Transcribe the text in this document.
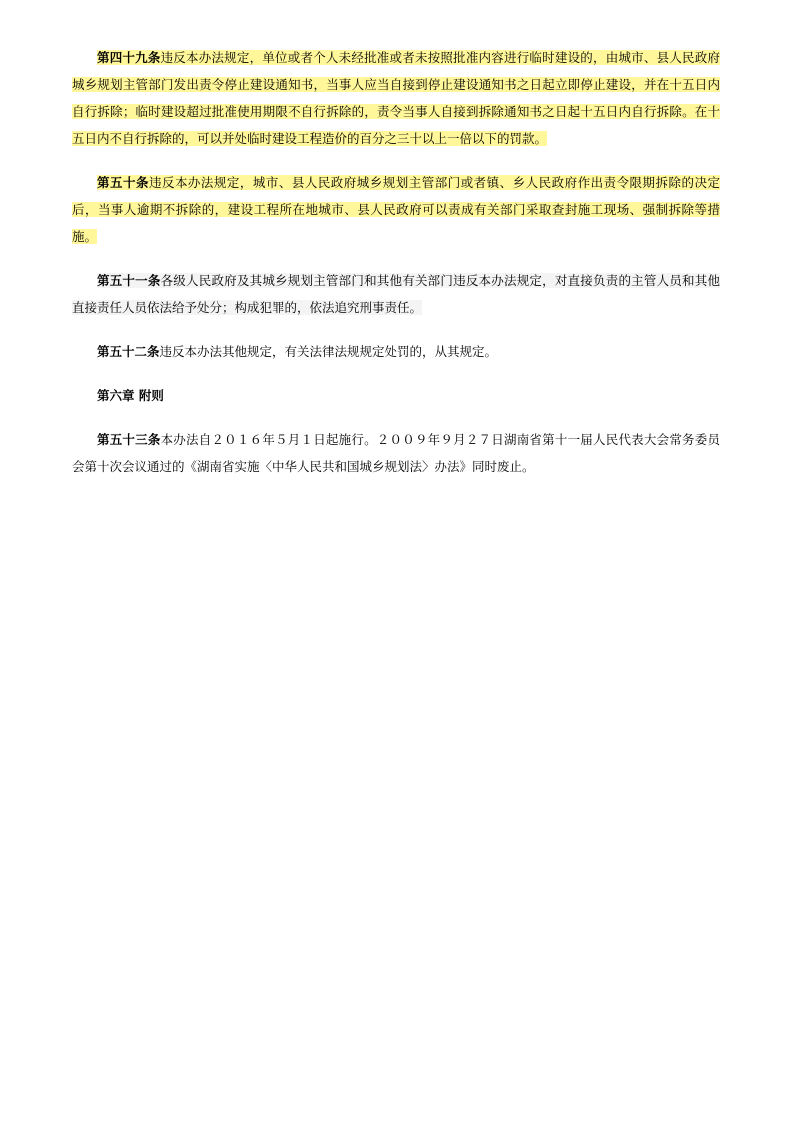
第四十九条违反本办法规定，单位或者个人未经批准或者未按照批准内容进行临时建设的，由城市、县人民政府城乡规划主管部门发出责令停止建设通知书，当事人应当自接到停止建设通知书之日起立即停止建设，并在十五日内自行拆除；临时建设超过批准使用期限不自行拆除的，责令当事人自接到拆除通知书之日起十五日内自行拆除。在十五日内不自行拆除的，可以并处临时建设工程造价的百分之三十以上一倍以下的罚款。

第五十条违反本办法规定，城市、县人民政府城乡规划主管部门或者镇、乡人民政府作出责令限期拆除的决定后，当事人逾期不拆除的，建设工程所在地城市、县人民政府可以责成有关部门采取查封施工现场、强制拆除等措施。

第五十一条各级人民政府及其城乡规划主管部门和其他有关部门违反本办法规定，对直接负责的主管人员和其他直接责任人员依法给予处分；构成犯罪的，依法追究刑事责任。

第五十二条违反本办法其他规定，有关法律法规规定处罚的，从其规定。

第六章 附则

第五十三条本办法自２０１６年５月１日起施行。２００９年９月２７日湖南省第十一届人民代表大会常务委员会第十次会议通过的《湖南省实施〈中华人民共和国城乡规划法〉办法》同时废止。
